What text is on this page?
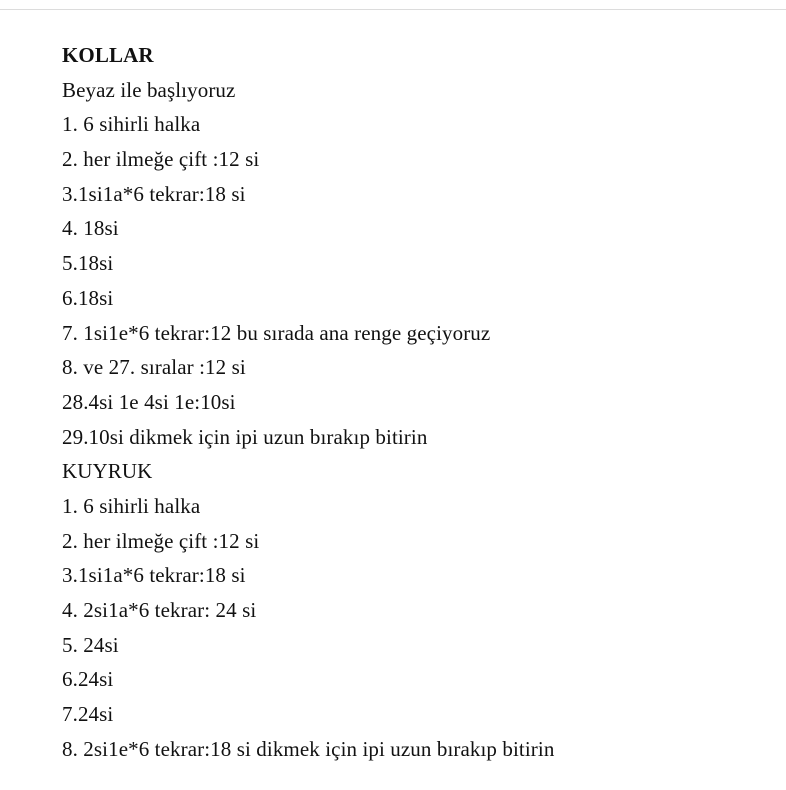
KOLLAR
Beyaz ile başlıyoruz
1. 6 sihirli halka
2. her ilmeğe çift :12 si
3.1si1a*6 tekrar:18 si
4. 18si
5.18si
6.18si
7. 1si1e*6 tekrar:12 bu sırada ana renge geçiyoruz
8. ve 27. sıralar :12 si
28.4si 1e 4si 1e:10si
29.10si dikmek için ipi uzun bırakıp bitirin
KUYRUK
1. 6 sihirli halka
2. her ilmeğe çift :12 si
3.1si1a*6 tekrar:18 si
4. 2si1a*6 tekrar: 24 si
5. 24si
6.24si
7.24si
8. 2si1e*6 tekrar:18 si dikmek için ipi uzun bırakıp bitirin
